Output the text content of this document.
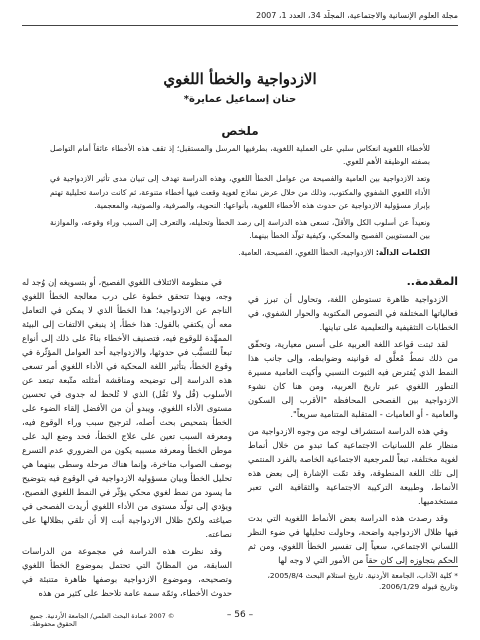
مجلة العلوم الإنسانية والاجتماعية، المجلّد 34، العدد 1، 2007
الازدواجية والخطأ اللغوي
حنان إسماعيل عمايرة*
ملخص

للأخطاء اللغوية انعكاس سلبي على العملية اللغوية، بطرفيها المرسل والمستقبل؛ إذ تقف هذه الأخطاء عائقاً أمام التواصل بصفته الوظيفة الأهم للغوي.

وتعد الازدواجية بين العامية والفصيحة من عوامل الخطأ اللغوي، وهذه الدراسة تهدف إلى تبيان مدى تأثير الازدواجية في الأداء اللغوي الشفوي والمكتوب، وذلك من خلال عرض نماذج لغوية وقعت فيها أخطاء متنوعة، ثم كانت دراسة تحليلية تهتم بإبراز مسؤولية الازدواجية عن حدوث هذه الأخطاء اللغوية، بأنواعها: النحوية، والصرفية، والصوتية، والمعجمية.

ونعيداً عن أسلوب الكل والأقلّ، تسعى هذه الدراسة إلى رصد الخطأ وتحليله، والتعرف إلى السبب وراء وقوعه، والموازنة بين المستويين الفصيح والمحكي، وكيفية تولّد الخطأ بينهما.

الكلمات الدالّة: الازدواجية، الخطأ اللغوي، الفصيحة، العامية.

المقدمة..

الازدواجية ظاهرة تستوطن اللغة، وتحاول أن تبرز في فعالياتها المختلفة في النصوص المكتوبة والحوار الشفوي، في الخطابات التثقيفية والتعليمية على تباينها.

لقد ثبتت قواعد اللغة العربية على أسس معيارية، وتحقّق من ذلك نمطٌ مُعلَّق له قوانينه وضوابطه، وإلى جانب هذا النمط الذي يُفترض فيه الثبوت النسبي وأكيت العامية مسيرة التطور اللغوي عبر تاريخ العربية، ومن هنا كان نشوء الازدواجية بين الفصحى المحافظة "الأقرب إلى السكون والعامية - أو العاميات - المتقلبة المتنامية سريعاً".

وفي هذه الدراسة استشراف لوجه من وجوه الازدواجية من منظار علم اللسانيات الاجتماعية كما تبدو من خلال أنماط لغوية مختلفة، تبعاً للمرجعية الاجتماعية الخاصة بالفرد المنتمي إلى تلك اللغة المنطوقة، وقد تمّت الإشارة إلى بعض هذه الأنماط، وطبيعة التركيبة الاجتماعية والثقافية التي تعبر مستخدميها.

وقد رصدت هذه الدراسة بعض الأنماط اللغوية التي بدت فيها ظلال الازدواجية واضحة، وحاولت تحليلها في ضوء النظر اللساني الاجتماعي، سعياً إلى تفسير الخطأ اللغوي، ومن ثم الحكم بتجاوزه إلى كان حقاً من الأمور التي لا وجه لها

في منظومة الائتلاف اللغوي الفصيح، أو بتسويغه إن وُجد له وجه، وبهذا تتحقق خطوة على درب معالجة الخطأ اللغوي الناجم عن الازدواجية؛ هذا الخطأ الذي لا يمكن في التعامل معه أن يكتفي بالقول: هذا خطأ، إذ ينبغي الالتفات إلى البيئة الممهِّدة للوقوع فيه، فتصنيف الأخطاء بناءً على ذلك إلى أنواع تبعاً للتسبُّب في حدوثها، والازدواجية أحد العوامل المؤثّرة في وقوع الخطأ، بتأثير اللغة المحكية في الأداء اللغوي أمر تسعى هذه الدراسة إلى توضيحه ومناقشة أمثلته متّبعة تبتعد عن الأسلوب (قُل ولا تَقُل) الذي لا تُلحظ له جدوى في تحسين مستوى الأداء اللغوي، ويبدو أن من الأفضل إلقاء الضوء على الخطأ بتمحيص بحث أصله، لترجيح سبب وراء الوقوع فيه، ومعرفة السبب تعين على علاج الخطأ، فحد وضع اليد على موطن الخطأ ومعرفة مسببه يكون من الضروري عدم التسرع بوصف الصواب متاخرة، وإنما هناك مرحلة وسطى بينهما هي تحليل الخطأ وبيان مسؤولية الازدواجية في الوقوع فيه بتوضيح ما يسود من نمط لغوي محكي يؤثّر في النمط اللغوي الفصيح، ويؤدي إلى تولّد مستوى من الأداء اللغوي أريدت الفصحى في صياغته ولكنّ ظلال الازدواجية أبت إلا أن تلقي بظلالها على نصاعته.

وقد نظرت هذه الدراسة في مجموعة من الدراسات السابقة، من المظانّ التي تحتمل بموضوع الخطأ اللغوي وتصحيحه، وموضوع الازدواجية بوصفها ظاهرة متنبئة في حدوث الأخطاء، وثمّة سمة عامة تلاحظ على كثير من هذه

* كلية الآداب، الجامعة الأردنية. تاريخ استلام البحث 2005/8/4،
وتاريخ قبوله 2006/1/29.
– 56 –
© 2007 عمادة البحث العلمي/ الجامعة الأردنية. جميع الحقوق محفوظة.
